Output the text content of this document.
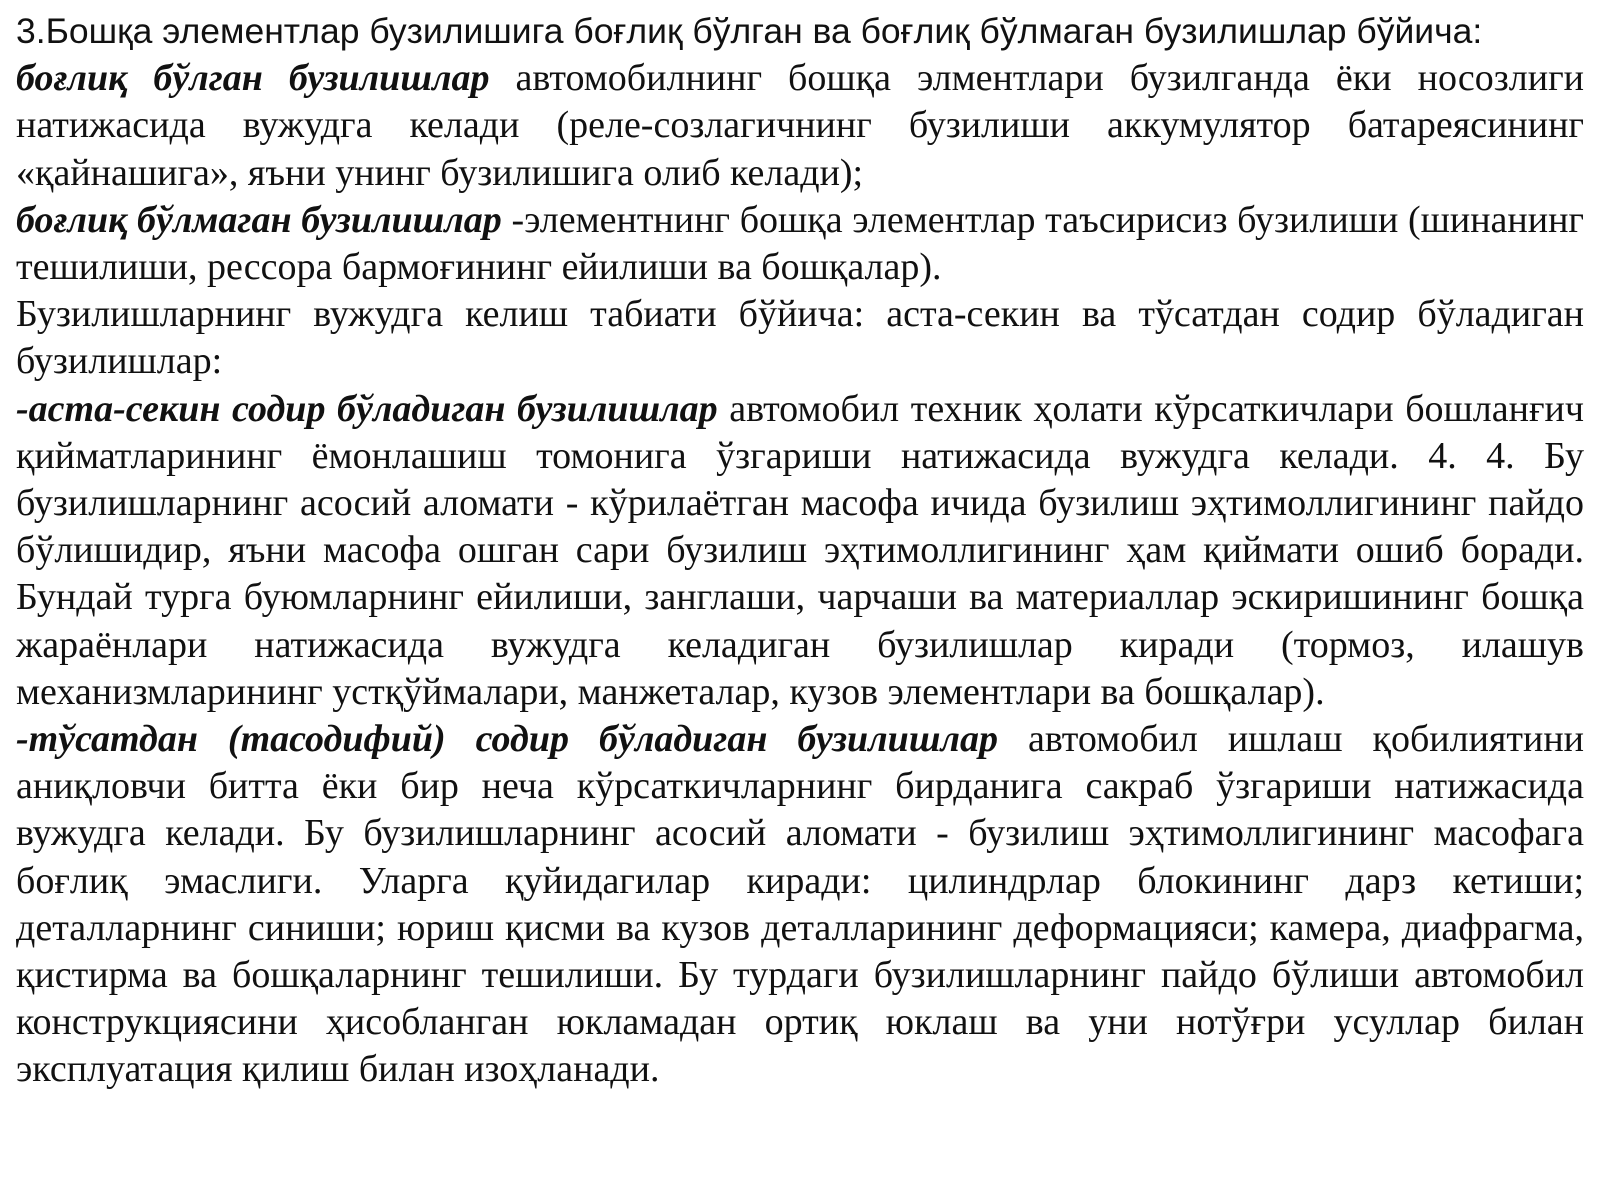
3.Бошқа элементлар бузилишига боғлиқ бўлган ва боғлиқ бўлмаган бузилишлар бўйича:

боғлиқ бўлган бузилишлар автомобилнинг бошқа элментлари бузилганда ёки носозлиги натижасида вужудга келади (реле-созлагичнинг бузилиши аккумулятор батареясининг «қайнашига», яъни унинг бузилишига олиб келади);

боғлиқ бўлмаган бузилишлар -элементнинг бошқа элементлар таъсирисиз бузилиши (шинанинг тешилиши, рессора бармоғининг ейилиши ва бошқалар).

Бузилишларнинг вужудга келиш табиати бўйича: аста-секин ва тўсатдан содир бўладиган бузилишлар:

-аста-секин содир бўладиган бузилишлар автомобил техник ҳолати кўрсаткичлари бошланғич қийматларининг ёмонлашиш томонига ўзгариши натижасида вужудга келади. 4. 4. Бу бузилишларнинг асосий аломати - кўрилаётган масофа ичида бузилиш эҳтимоллигининг пайдо бўлишидир, яъни масофа ошган сари бузилиш эҳтимоллигининг ҳам қиймати ошиб боради. Бундай турга буюмларнинг ейилиши, занглаши, чарчаши ва материаллар эскиришининг бошқа жараёнлари натижасида вужудга келадиган бузилишлар киради (тормоз, илашув механизмларининг устқўймалари, манжеталар, кузов элементлари ва бошқалар).

-тўсатдан (тасодифий) содир бўладиган бузилишлар автомобил ишлаш қобилиятини аниқловчи битта ёки бир неча кўрсаткичларнинг бирданига сакраб ўзгариши натижасида вужудга келади. Бу бузилишларнинг асосий аломати - бузилиш эҳтимоллигининг масофага боғлиқ эмаслиги. Уларга қуйидагилар киради: цилиндрлар блокининг дарз кетиши; деталларнинг синиши; юриш қисми ва кузов деталларининг деформацияси; камера, диафрагма, қистирма ва бошқаларнинг тешилиши. Бу турдаги бузилишларнинг пайдо бўлиши автомобил конструкциясини ҳисобланган юкламадан ортиқ юклаш ва уни нотўғри усуллар билан эксплуатация қилиш билан изоҳланади.
